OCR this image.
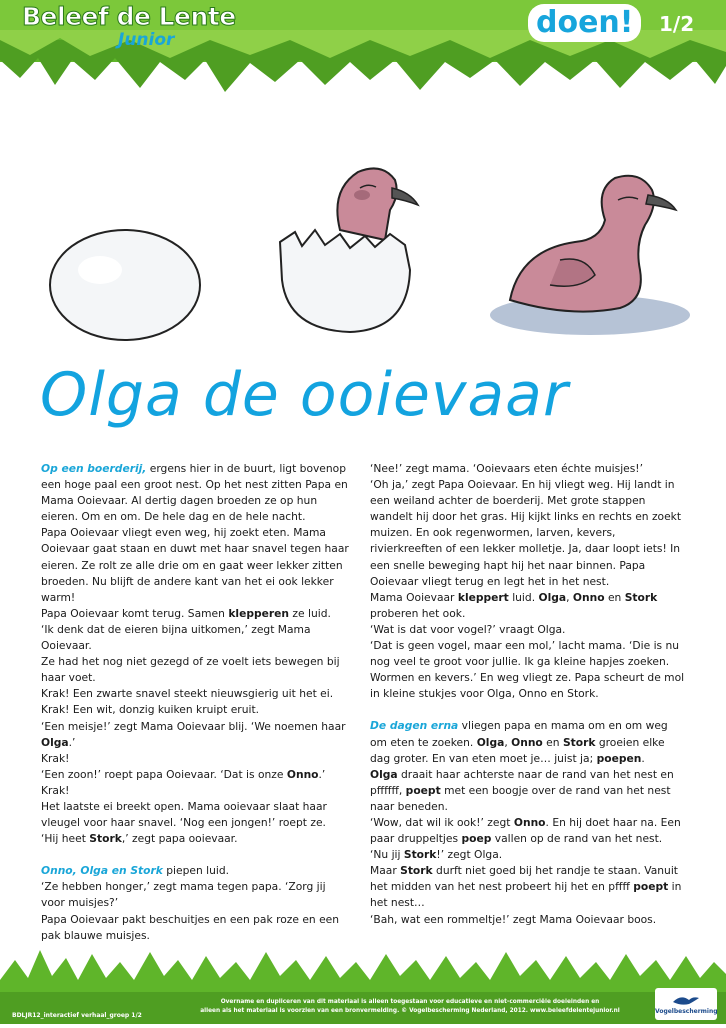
Beleef de Lente
Junior	doen!	1/2
Olga de ooievaar

Op een boerderij, ergens hier in de buurt, ligt bovenop een hoge paal een groot nest. Op het nest zitten Papa en Mama Ooievaar. Al dertig dagen broeden ze op hun eieren. Om en om. De hele dag en de hele nacht.

Papa Ooievaar vliegt even weg, hij zoekt eten. Mama Ooievaar gaat staan en duwt met haar snavel tegen haar eieren. Ze rolt ze alle drie om en gaat weer lekker zitten broeden. Nu blijft de andere kant van het ei ook lekker warm!

Papa Ooievaar komt terug. Samen klepperen ze luid.

‘Ik denk dat de eieren bijna uitkomen,’ zegt Mama Ooievaar.

Ze had het nog niet gezegd of ze voelt iets bewegen bij haar voet.

Krak! Een zwarte snavel steekt nieuwsgierig uit het ei.

Krak! Een wit, donzig kuiken kruipt eruit.

‘Een meisje!’ zegt Mama Ooievaar blij. ‘We noemen haar Olga.’

Krak!

‘Een zoon!’ roept papa Ooievaar. ‘Dat is onze Onno.’

Krak!

Het laatste ei breekt open. Mama ooievaar slaat haar vleugel voor haar snavel. ‘Nog een jongen!’ roept ze.

‘Hij heet Stork,’ zegt papa ooievaar.

Onno, Olga en Stork piepen luid.

‘Ze hebben honger,’ zegt mama tegen papa. ‘Zorg jij voor muisjes?’

Papa Ooievaar pakt beschuitjes en een pak roze en een pak blauwe muisjes.

‘Nee!’ zegt mama. ‘Ooievaars eten échte muisjes!’

‘Oh ja,’ zegt Papa Ooievaar. En hij vliegt weg. Hij landt in een weiland achter de boerderij. Met grote stappen wandelt hij door het gras. Hij kijkt links en rechts en zoekt muizen. En ook regenwormen, larven, kevers, rivierkreeften of een lekker molletje. Ja, daar loopt iets! In een snelle beweging hapt hij het naar binnen. Papa Ooievaar vliegt terug en legt het in het nest.

Mama Ooievaar kleppert luid. Olga, Onno en Stork proberen het ook.

‘Wat is dat voor vogel?’ vraagt Olga.

‘Dat is geen vogel, maar een mol,’ lacht mama. ‘Die is nu nog veel te groot voor jullie. Ik ga kleine hapjes zoeken. Wormen en kevers.’ En weg vliegt ze. Papa scheurt de mol in kleine stukjes voor Olga, Onno en Stork.

De dagen erna vliegen papa en mama om en om weg om eten te zoeken. Olga, Onno en Stork groeien elke dag groter. En van eten moet je… juist ja; poepen.

Olga draait haar achterste naar de rand van het nest en pffffff, poept met een boogje over de rand van het nest naar beneden.

‘Wow, dat wil ik ook!’ zegt Onno. En hij doet haar na. Een paar druppeltjes poep vallen op de rand van het nest.

‘Nu jij Stork!’ zegt Olga.

Maar Stork durft niet goed bij het randje te staan. Vanuit het midden van het nest probeert hij het en pffff poept in het nest…

‘Bah, wat een rommeltje!’ zegt Mama Ooievaar boos.

BDLJR12_interactief verhaal_groep 1/2
Overname en dupliceren van dit materiaal is alleen toegestaan voor educatieve en niet-commerciële doeleinden en
alleen als het materiaal is voorzien van een bronvermelding. © Vogelbescherming Nederland, 2012. www.beleefdelentejunior.nl	Vogelbescherming
